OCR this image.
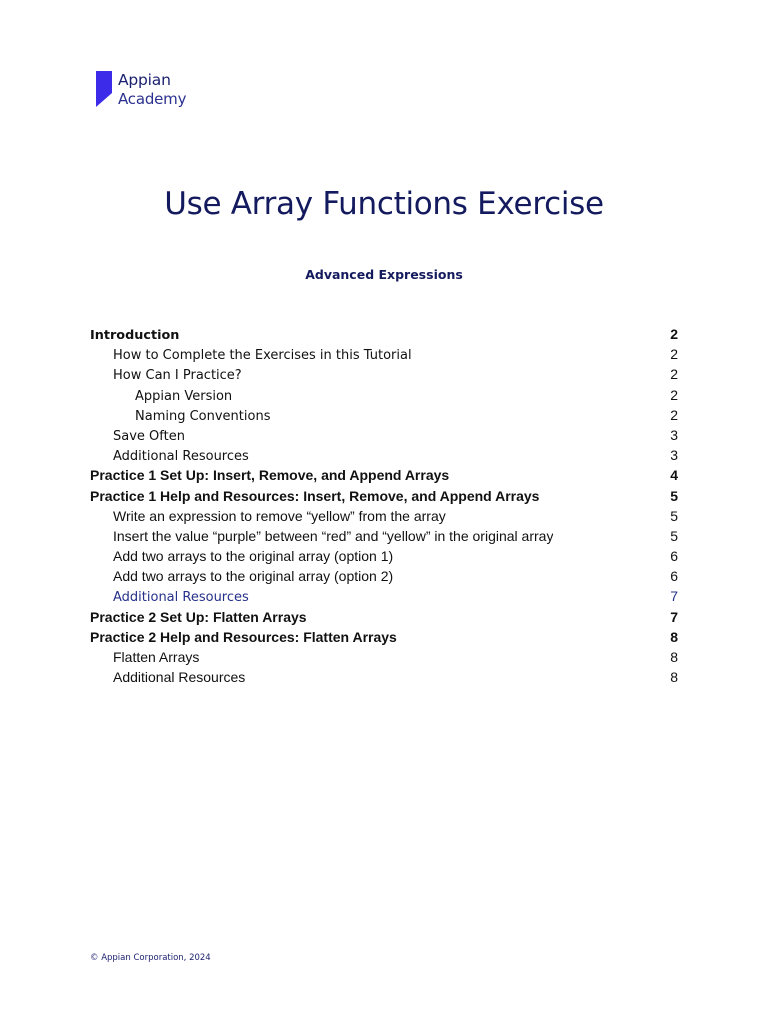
Appian
Academy
Use Array Functions Exercise
Advanced Expressions
Introduction	2
How to Complete the Exercises in this Tutorial	2
How Can I Practice?	2
Appian Version	2
Naming Conventions	2
Save Often	3
Additional Resources	3
Practice 1 Set Up: Insert, Remove, and Append Arrays	4
Practice 1 Help and Resources: Insert, Remove, and Append Arrays	5
Write an expression to remove “yellow” from the array	5
Insert the value “purple” between “red” and “yellow” in the original array	5
Add two arrays to the original array (option 1)	6
Add two arrays to the original array (option 2)	6
Additional Resources	7
Practice 2 Set Up: Flatten Arrays	7
Practice 2 Help and Resources: Flatten Arrays	8
Flatten Arrays	8
Additional Resources	8
© Appian Corporation, 2024
